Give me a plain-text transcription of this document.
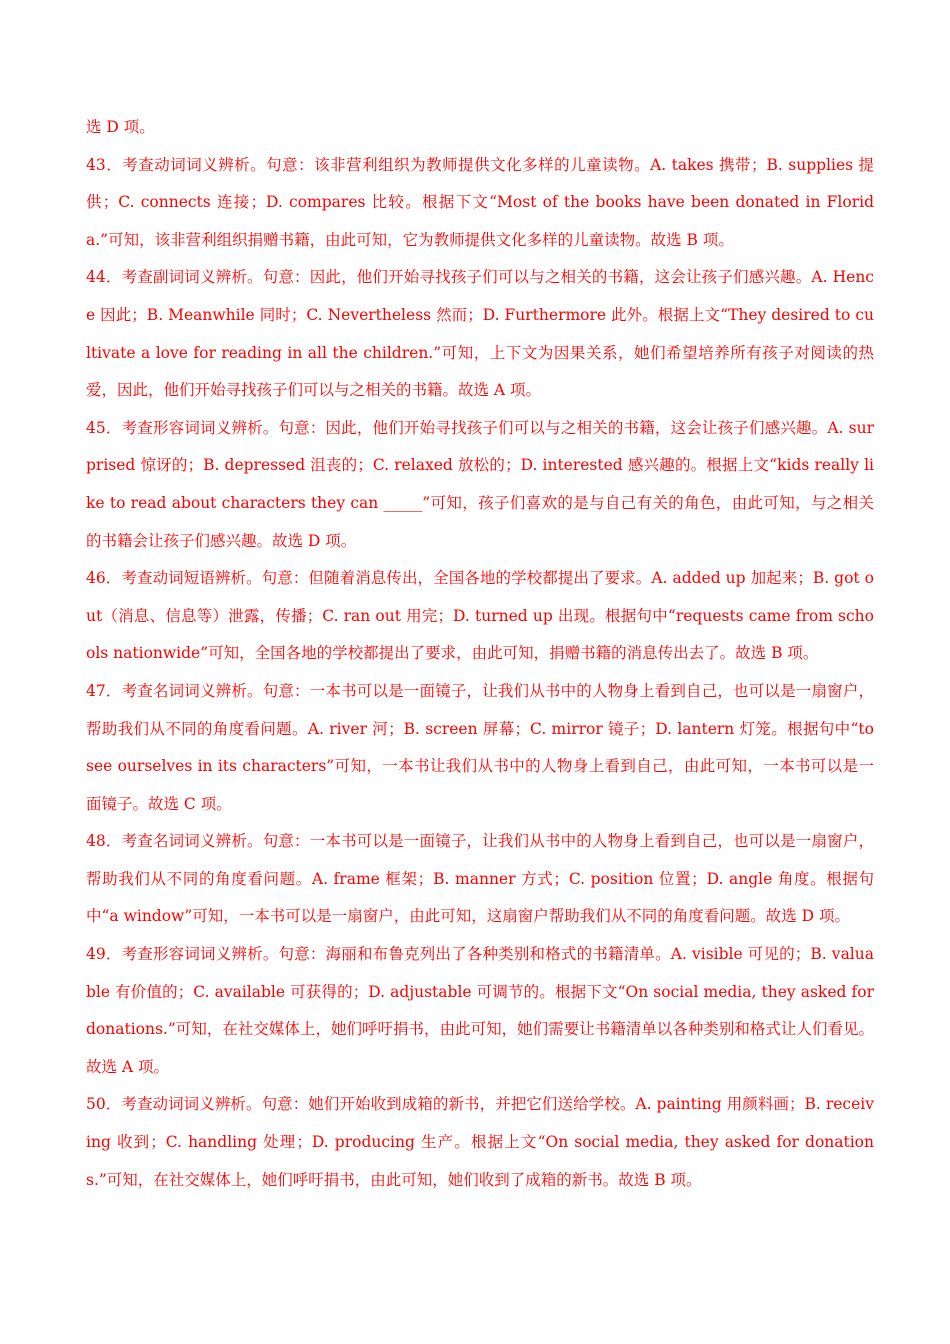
选 D 项。

43．考查动词词义辨析。句意：该非营利组织为教师提供文化多样的儿童读物。A. takes 携带；B. supplies 提供；C. connects 连接；D. compares 比较。根据下文“Most of the books have been donated in Florida.”可知，该非营利组织捐赠书籍，由此可知，它为教师提供文化多样的儿童读物。故选 B 项。

44．考查副词词义辨析。句意：因此，他们开始寻找孩子们可以与之相关的书籍，这会让孩子们感兴趣。A. Hence 因此；B. Meanwhile 同时；C. Nevertheless 然而；D. Furthermore 此外。根据上文“They desired to cultivate a love for reading in all the children.”可知，上下文为因果关系，她们希望培养所有孩子对阅读的热爱，因此，他们开始寻找孩子们可以与之相关的书籍。故选 A 项。

45．考查形容词词义辨析。句意：因此，他们开始寻找孩子们可以与之相关的书籍，这会让孩子们感兴趣。A. surprised 惊讶的；B. depressed 沮丧的；C. relaxed 放松的；D. interested 感兴趣的。根据上文“kids really like to read about characters they can _____”可知，孩子们喜欢的是与自己有关的角色，由此可知，与之相关的书籍会让孩子们感兴趣。故选 D 项。

46．考查动词短语辨析。句意：但随着消息传出，全国各地的学校都提出了要求。A. added up 加起来；B. got out（消息、信息等）泄露，传播；C. ran out 用完；D. turned up 出现。根据句中“requests came from schools nationwide”可知，全国各地的学校都提出了要求，由此可知，捐赠书籍的消息传出去了。故选 B 项。

47．考查名词词义辨析。句意：一本书可以是一面镜子，让我们从书中的人物身上看到自己，也可以是一扇窗户，帮助我们从不同的角度看问题。A. river 河；B. screen 屏幕；C. mirror 镜子；D. lantern 灯笼。根据句中“to see ourselves in its characters”可知，一本书让我们从书中的人物身上看到自己，由此可知，一本书可以是一面镜子。故选 C 项。

48．考查名词词义辨析。句意：一本书可以是一面镜子，让我们从书中的人物身上看到自己，也可以是一扇窗户，帮助我们从不同的角度看问题。A. frame 框架；B. manner 方式；C. position 位置；D. angle 角度。根据句中“a window”可知，一本书可以是一扇窗户，由此可知，这扇窗户帮助我们从不同的角度看问题。故选 D 项。

49．考查形容词词义辨析。句意：海丽和布鲁克列出了各种类别和格式的书籍清单。A. visible 可见的；B. valuable 有价值的；C. available 可获得的；D. adjustable 可调节的。根据下文“On social media, they asked for donations.”可知，在社交媒体上，她们呼吁捐书，由此可知，她们需要让书籍清单以各种类别和格式让人们看见。故选 A 项。

50．考查动词词义辨析。句意：她们开始收到成箱的新书，并把它们送给学校。A. painting 用颜料画；B. receiving 收到；C. handling 处理；D. producing 生产。根据上文“On social media, they asked for donations.”可知，在社交媒体上，她们呼吁捐书，由此可知，她们收到了成箱的新书。故选 B 项。
